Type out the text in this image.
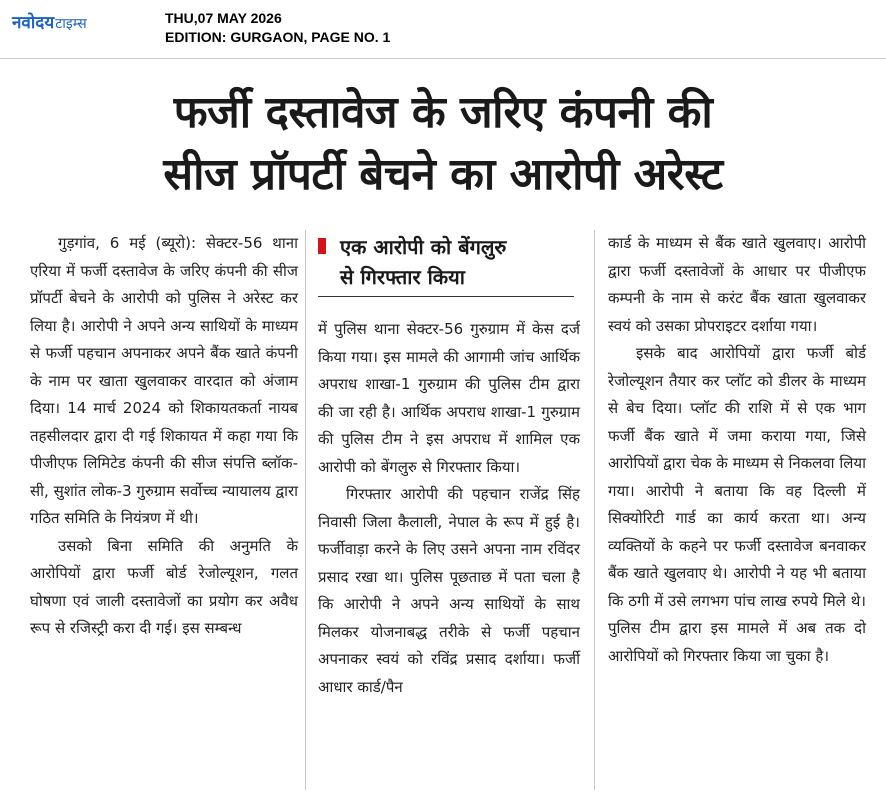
नवोदयटाइम्स	THU,07 MAY 2026
EDITION: GURGAON, PAGE NO. 1
फर्जी दस्तावेज के जरिए कंपनी की
सीज प्रॉपर्टी बेचने का आरोपी अरेस्ट

गुड़गांव, 6 मई (ब्यूरो): सेक्टर-56 थाना एरिया में फर्जी दस्तावेज के जरिए कंपनी की सीज प्रॉपर्टी बेचने के आरोपी को पुलिस ने अरेस्ट कर लिया है। आरोपी ने अपने अन्य साथियों के माध्यम से फर्जी पहचान अपनाकर अपने बैंक खाते कंपनी के नाम पर खाता खुलवाकर वारदात को अंजाम दिया। 14 मार्च 2024 को शिकायतकर्ता नायब तहसीलदार द्वारा दी गई शिकायत में कहा गया कि पीजीएफ लिमिटेड कंपनी की सीज संपत्ति ब्लॉक-सी, सुशांत लोक-3 गुरुग्राम सर्वोच्च न्यायालय द्वारा गठित समिति के नियंत्रण में थी।

उसको बिना समिति की अनुमति के आरोपियों द्वारा फर्जी बोर्ड रेजोल्यूशन, गलत घोषणा एवं जाली दस्तावेजों का प्रयोग कर अवैध रूप से रजिस्ट्री करा दी गई। इस सम्बन्ध

एक आरोपी को बेंगलुरु
से गिरफ्तार किया

में पुलिस थाना सेक्टर-56 गुरुग्राम में केस दर्ज किया गया। इस मामले की आगामी जांच आर्थिक अपराध शाखा-1 गुरुग्राम की पुलिस टीम द्वारा की जा रही है। आर्थिक अपराध शाखा-1 गुरुग्राम की पुलिस टीम ने इस अपराध में शामिल एक आरोपी को बेंगलुरु से गिरफ्तार किया।

गिरफ्तार आरोपी की पहचान राजेंद्र सिंह निवासी जिला कैलाली, नेपाल के रूप में हुई है। फर्जीवाड़ा करने के लिए उसने अपना नाम रविंदर प्रसाद रखा था। पुलिस पूछताछ में पता चला है कि आरोपी ने अपने अन्य साथियों के साथ मिलकर योजनाबद्ध तरीके से फर्जी पहचान अपनाकर स्वयं को रविंद्र प्रसाद दर्शाया। फर्जी आधार कार्ड/पैन

कार्ड के माध्यम से बैंक खाते खुलवाए। आरोपी द्वारा फर्जी दस्तावेजों के आधार पर पीजीएफ कम्पनी के नाम से करंट बैंक खाता खुलवाकर स्वयं को उसका प्रोपराइटर दर्शाया गया।

इसके बाद आरोपियों द्वारा फर्जी बोर्ड रेजोल्यूशन तैयार कर प्लॉट को डीलर के माध्यम से बेच दिया। प्लॉट की राशि में से एक भाग फर्जी बैंक खाते में जमा कराया गया, जिसे आरोपियों द्वारा चेक के माध्यम से निकलवा लिया गया। आरोपी ने बताया कि वह दिल्ली में सिक्योरिटी गार्ड का कार्य करता था। अन्य व्यक्तियों के कहने पर फर्जी दस्तावेज बनवाकर बैंक खाते खुलवाए थे। आरोपी ने यह भी बताया कि ठगी में उसे लगभग पांच लाख रुपये मिले थे। पुलिस टीम द्वारा इस मामले में अब तक दो आरोपियों को गिरफ्तार किया जा चुका है।
